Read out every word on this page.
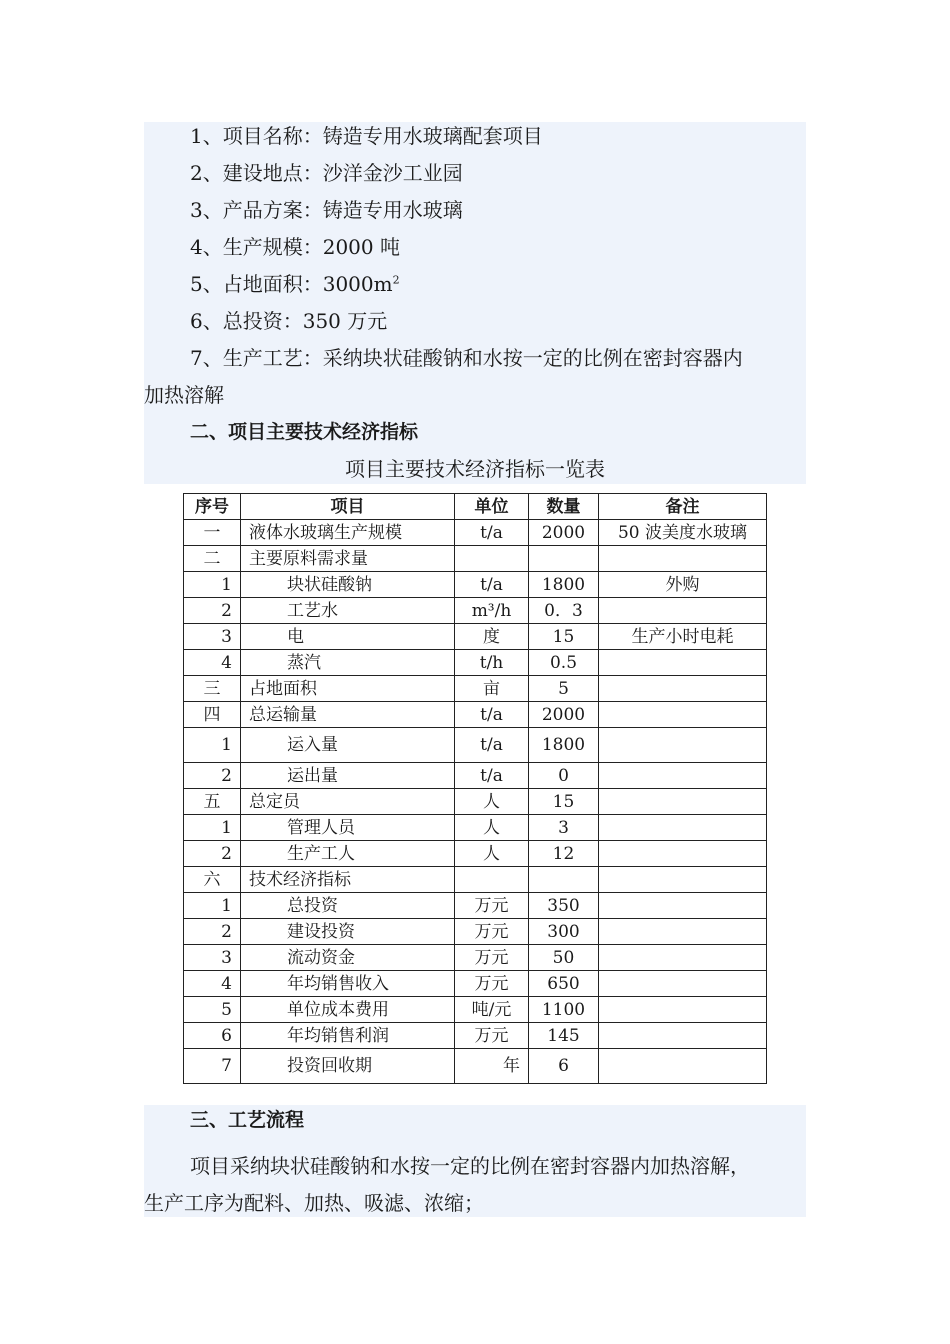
1、项目名称：铸造专用水玻璃配套项目
2、建设地点：沙洋金沙工业园
3、产品方案：铸造专用水玻璃
4、生产规模：2000 吨
5、占地面积：$3000m^2$
6、总投资：350 万元
7、生产工艺：采纳块状硅酸钠和水按一定的比例在密封容器内
加热溶解
二、项目主要技术经济指标
项目主要技术经济指标一览表
序号	项目	单位	数量	备注
一	液体水玻璃生产规模	t/a	2000	50 波美度水玻璃
二	主要原料需求量			
1	块状硅酸钠	t/a	1800	外购
2	工艺水	m³/h	0．3	
3	电	度	15	生产小时电耗
4	蒸汽	t/h	0.5	
三	占地面积	亩	5	
四	总运输量	t/a	2000	
1	运入量	t/a	1800	
2	运出量	t/a	0	
五	总定员	人	15	
1	管理人员	人	3	
2	生产工人	人	12	
六	技术经济指标			
1	总投资	万元	350	
2	建设投资	万元	300	
3	流动资金	万元	50	
4	年均销售收入	万元	650	
5	单位成本费用	吨/元	1100	
6	年均销售利润	万元	145	
7	投资回收期	年	6	
三、工艺流程
项目采纳块状硅酸钠和水按一定的比例在密封容器内加热溶解，
生产工序为配料、加热、吸滤、浓缩；
